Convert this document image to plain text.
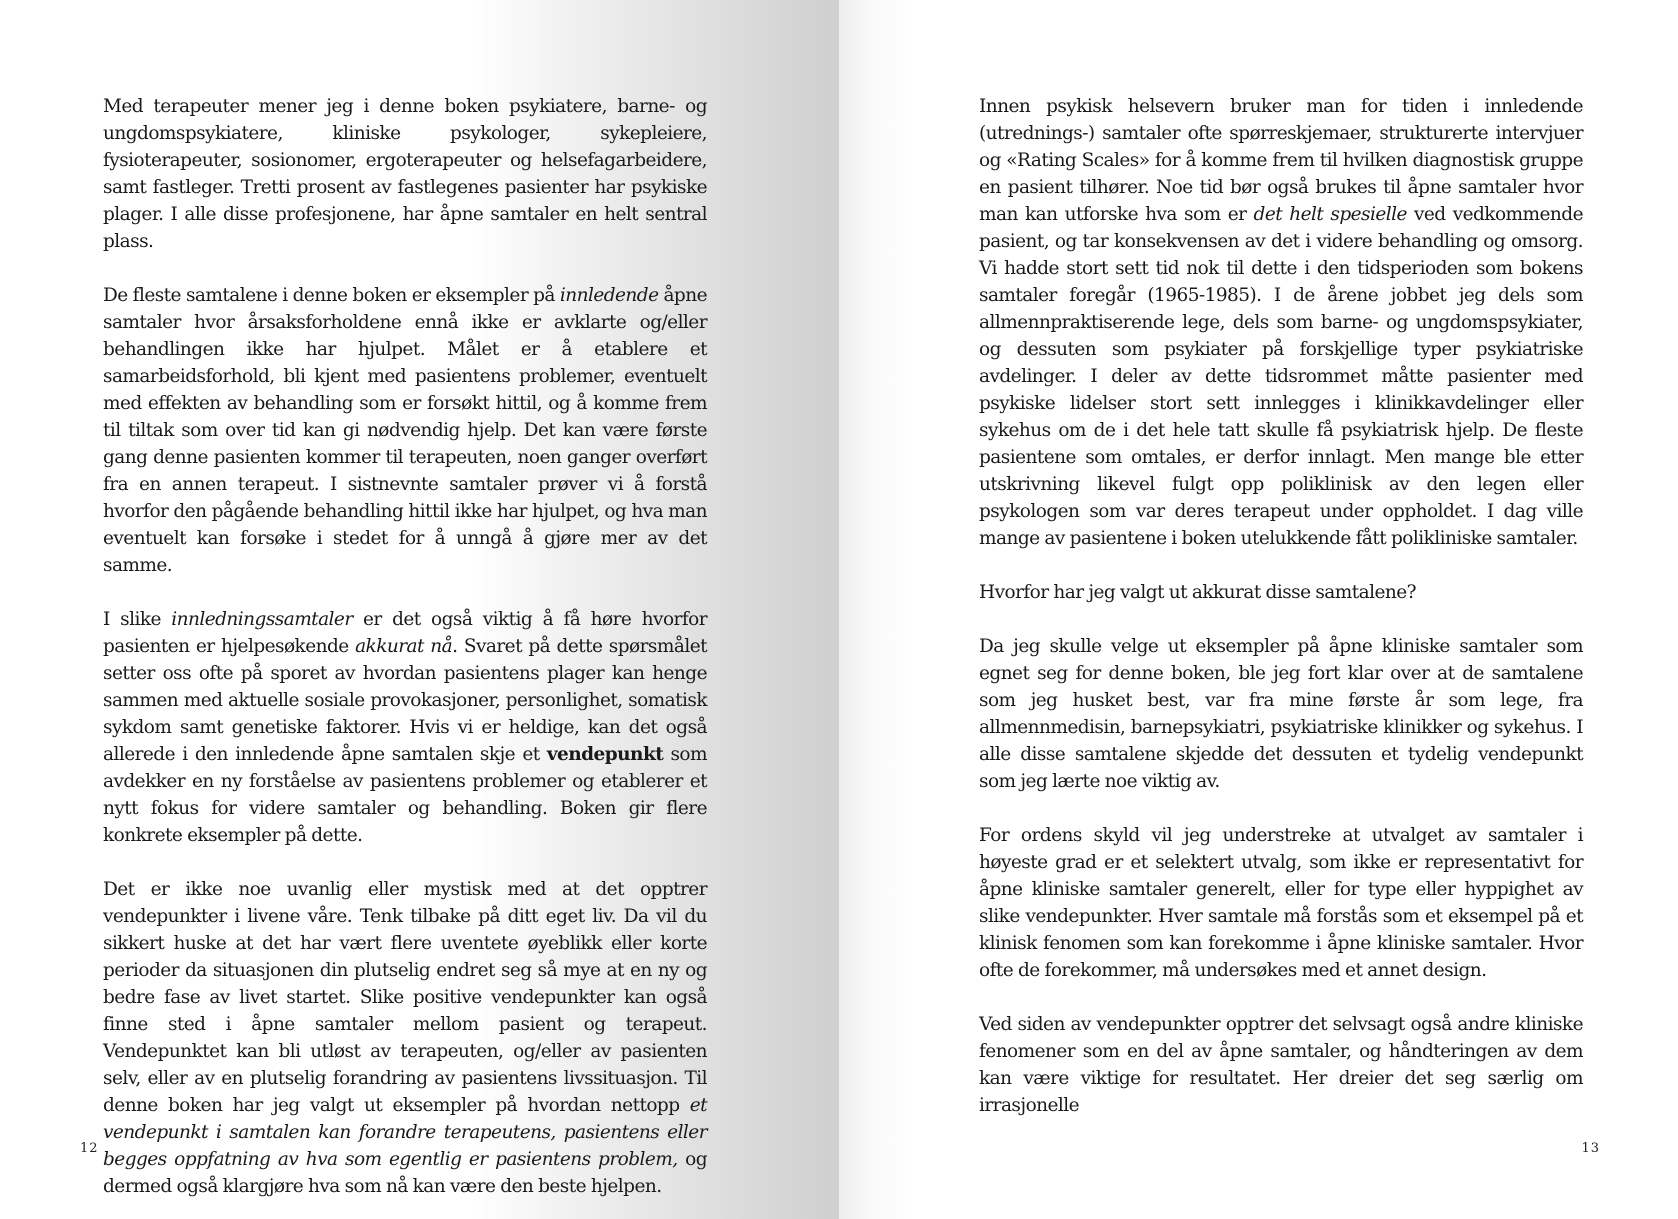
Med terapeuter mener jeg i denne boken psykiatere, barne- og ungdomspsykiatere, kliniske psykologer, sykepleiere, fysioterapeuter, sosionomer, ergoterapeuter og helsefagarbeidere, samt fastleger. Tretti prosent av fastlegenes pasienter har psykiske plager. I alle disse profesjonene, har åpne samtaler en helt sentral plass.

De fleste samtalene i denne boken er eksempler på innledende åpne samtaler hvor årsaksforholdene ennå ikke er avklarte og/eller behandlingen ikke har hjulpet. Målet er å etablere et samarbeidsforhold, bli kjent med pasientens problemer, eventuelt med effekten av behandling som er forsøkt hittil, og å komme frem til tiltak som over tid kan gi nødvendig hjelp. Det kan være første gang denne pasienten kommer til terapeuten, noen ganger overført fra en annen terapeut. I sistnevnte samtaler prøver vi å forstå hvorfor den pågående behandling hittil ikke har hjulpet, og hva man eventuelt kan forsøke i stedet for å unngå å gjøre mer av det samme.

I slike innledningssamtaler er det også viktig å få høre hvorfor pasienten er hjelpesøkende akkurat nå. Svaret på dette spørsmålet setter oss ofte på sporet av hvordan pasientens plager kan henge sammen med aktuelle sosiale provokasjoner, personlighet, somatisk sykdom samt genetiske faktorer. Hvis vi er heldige, kan det også allerede i den innledende åpne samtalen skje et vendepunkt som avdekker en ny forståelse av pasientens problemer og etablerer et nytt fokus for videre samtaler og behandling. Boken gir flere konkrete eksempler på dette.

Det er ikke noe uvanlig eller mystisk med at det opptrer vendepunkter i livene våre. Tenk tilbake på ditt eget liv. Da vil du sikkert huske at det har vært flere uventete øyeblikk eller korte perioder da situasjonen din plutselig endret seg så mye at en ny og bedre fase av livet startet. Slike positive vendepunkter kan også finne sted i åpne samtaler mellom pasient og terapeut. Vendepunktet kan bli utløst av terapeuten, og/eller av pasienten selv, eller av en plutselig forandring av pasientens livssituasjon. Til denne boken har jeg valgt ut eksempler på hvordan nettopp et vendepunkt i samtalen kan forandre terapeutens, pasientens eller begges oppfatning av hva som egentlig er pasientens problem, og dermed også klargjøre hva som nå kan være den beste hjelpen.

12

Innen psykisk helsevern bruker man for tiden i innledende (utrednings-) samtaler ofte spørreskjemaer, strukturerte intervjuer og «Rating Scales» for å komme frem til hvilken diagnostisk gruppe en pasient tilhører. Noe tid bør også brukes til åpne samtaler hvor man kan utforske hva som er det helt spesielle ved vedkommende pasient, og tar konsekvensen av det i videre behandling og omsorg. Vi hadde stort sett tid nok til dette i den tidsperioden som bokens samtaler foregår (1965-1985). I de årene jobbet jeg dels som allmennpraktiserende lege, dels som barne- og ungdomspsykiater, og dessuten som psykiater på forskjellige typer psykiatriske avdelinger. I deler av dette tidsrommet måtte pasienter med psykiske lidelser stort sett innlegges i klinikkavdelinger eller sykehus om de i det hele tatt skulle få psykiatrisk hjelp. De fleste pasientene som omtales, er derfor innlagt. Men mange ble etter utskrivning likevel fulgt opp poliklinisk av den legen eller psykologen som var deres terapeut under oppholdet. I dag ville mange av pasientene i boken utelukkende fått polikliniske samtaler.

Hvorfor har jeg valgt ut akkurat disse samtalene?

Da jeg skulle velge ut eksempler på åpne kliniske samtaler som egnet seg for denne boken, ble jeg fort klar over at de samtalene som jeg husket best, var fra mine første år som lege, fra allmennmedisin, barnepsykiatri, psykiatriske klinikker og sykehus. I alle disse samtalene skjedde det dessuten et tydelig vendepunkt som jeg lærte noe viktig av.

For ordens skyld vil jeg understreke at utvalget av samtaler i høyeste grad er et selektert utvalg, som ikke er representativt for åpne kliniske samtaler generelt, eller for type eller hyppighet av slike vendepunkter. Hver samtale må forstås som et eksempel på et klinisk fenomen som kan forekomme i åpne kliniske samtaler. Hvor ofte de forekommer, må undersøkes med et annet design.

Ved siden av vendepunkter opptrer det selvsagt også andre kliniske fenomener som en del av åpne samtaler, og håndteringen av dem kan være viktige for resultatet. Her dreier det seg særlig om irrasjonelle

13
